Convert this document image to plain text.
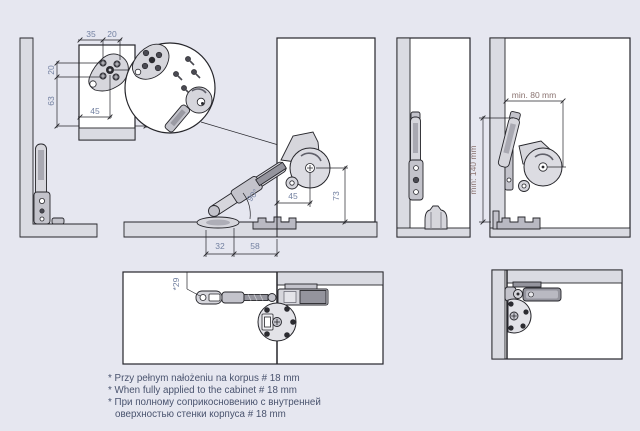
35 20
20
63
45
90°	45	73
32	58
min. 80 mm
min: 140 mm
*29
* Przy pełnym nałożeniu na korpus # 18 mm
* When fully applied to the cabinet # 18 mm
* При полному соприкосновению с внутренней
оверхностью стенки корпуса # 18 mm
